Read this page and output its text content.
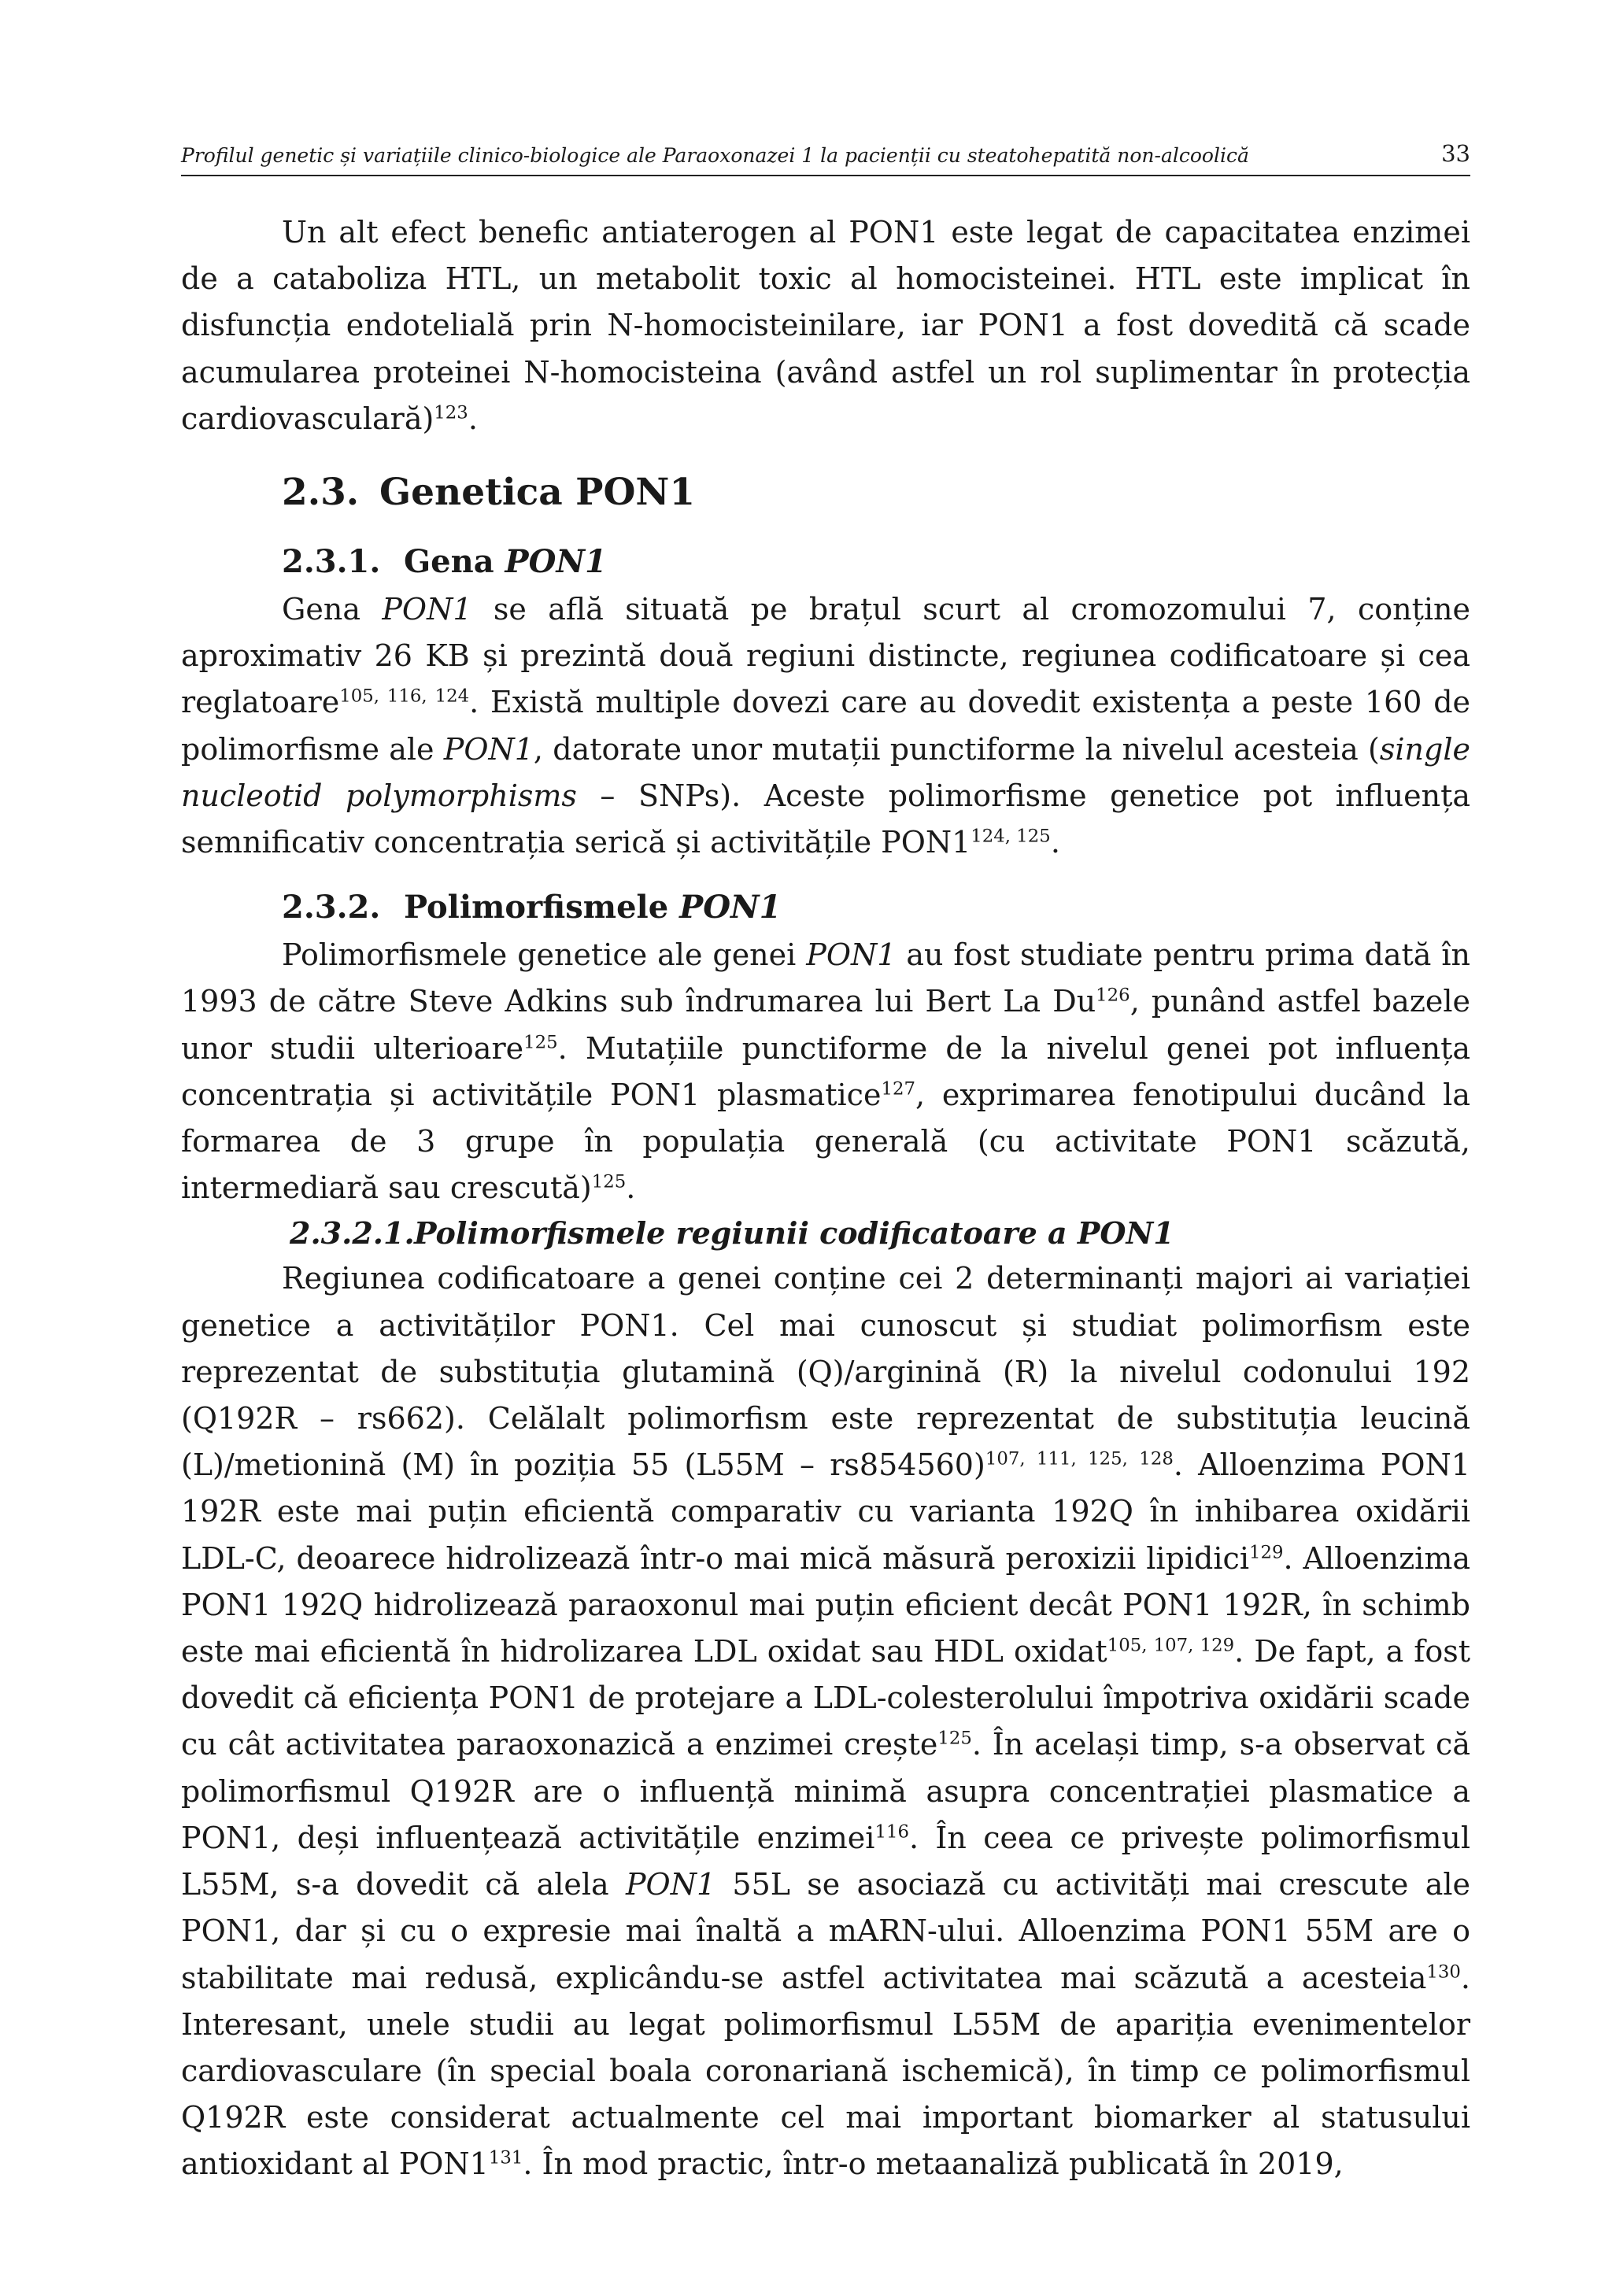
Profilul genetic și variațiile clinico-biologice ale Paraoxonazei 1 la pacienții cu steatohepatită non-alcoolică	33

Un alt efect benefic antiaterogen al PON1 este legat de capacitatea enzimei de a cataboliza HTL, un metabolit toxic al homocisteinei. HTL este implicat în disfuncția endotelială prin N-homocisteinilare, iar PON1 a fost dovedită că scade acumularea proteinei N-homocisteina (având astfel un rol suplimentar în protecția cardiovasculară)$^{123}$.

2.3. Genetica PON1
2.3.1. Gena PON1

Gena PON1 se află situată pe brațul scurt al cromozomului 7, conține aproximativ 26 KB și prezintă două regiuni distincte, regiunea codificatoare și cea reglatoare$^{105, 116, 124}$. Există multiple dovezi care au dovedit existența a peste 160 de polimorfisme ale PON1, datorate unor mutații punctiforme la nivelul acesteia (single nucleotid polymorphisms – SNPs). Aceste polimorfisme genetice pot influența semnificativ concentrația serică și activitățile PON1$^{124, 125}$.

2.3.2. Polimorfismele PON1

Polimorfismele genetice ale genei PON1 au fost studiate pentru prima dată în 1993 de către Steve Adkins sub îndrumarea lui Bert La Du$^{126}$, punând astfel bazele unor studii ulterioare$^{125}$. Mutațiile punctiforme de la nivelul genei pot influența concentrația și activitățile PON1 plasmatice$^{127}$, exprimarea fenotipului ducând la formarea de 3 grupe în populația generală (cu activitate PON1 scăzută, intermediară sau crescută)$^{125}$.

2.3.2.1.Polimorfismele regiunii codificatoare a PON1

Regiunea codificatoare a genei conține cei 2 determinanți majori ai variației genetice a activităților PON1. Cel mai cunoscut și studiat polimorfism este reprezentat de substituția glutamină (Q)/arginină (R) la nivelul codonului 192 (Q192R – rs662). Celălalt polimorfism este reprezentat de substituția leucină (L)/metionină (M) în poziția 55 (L55M – rs854560)$^{107, 111, 125, 128}$. Alloenzima PON1 192R este mai puțin eficientă comparativ cu varianta 192Q în inhibarea oxidării LDL-C, deoarece hidrolizează într-o mai mică măsură peroxizii lipidici$^{129}$. Alloenzima PON1 192Q hidrolizează paraoxonul mai puțin eficient decât PON1 192R, în schimb este mai eficientă în hidrolizarea LDL oxidat sau HDL oxidat$^{105, 107, 129}$. De fapt, a fost dovedit că eficiența PON1 de protejare a LDL-colesterolului împotriva oxidării scade cu cât activitatea paraoxonazică a enzimei crește$^{125}$. În același timp, s-a observat că polimorfismul Q192R are o influență minimă asupra concentrației plasmatice a PON1, deși influențează activitățile enzimei$^{116}$. În ceea ce privește polimorfismul L55M, s-a dovedit că alela PON1 55L se asociază cu activități mai crescute ale PON1, dar și cu o expresie mai înaltă a mARN-ului. Alloenzima PON1 55M are o stabilitate mai redusă, explicându-se astfel activitatea mai scăzută a acesteia$^{130}$. Interesant, unele studii au legat polimorfismul L55M de apariția evenimentelor cardiovasculare (în special boala coronariană ischemică), în timp ce polimorfismul Q192R este considerat actualmente cel mai important biomarker al statusului antioxidant al $PON1^{131}$. În mod practic, într-o metaanaliză publicată în 2019,
